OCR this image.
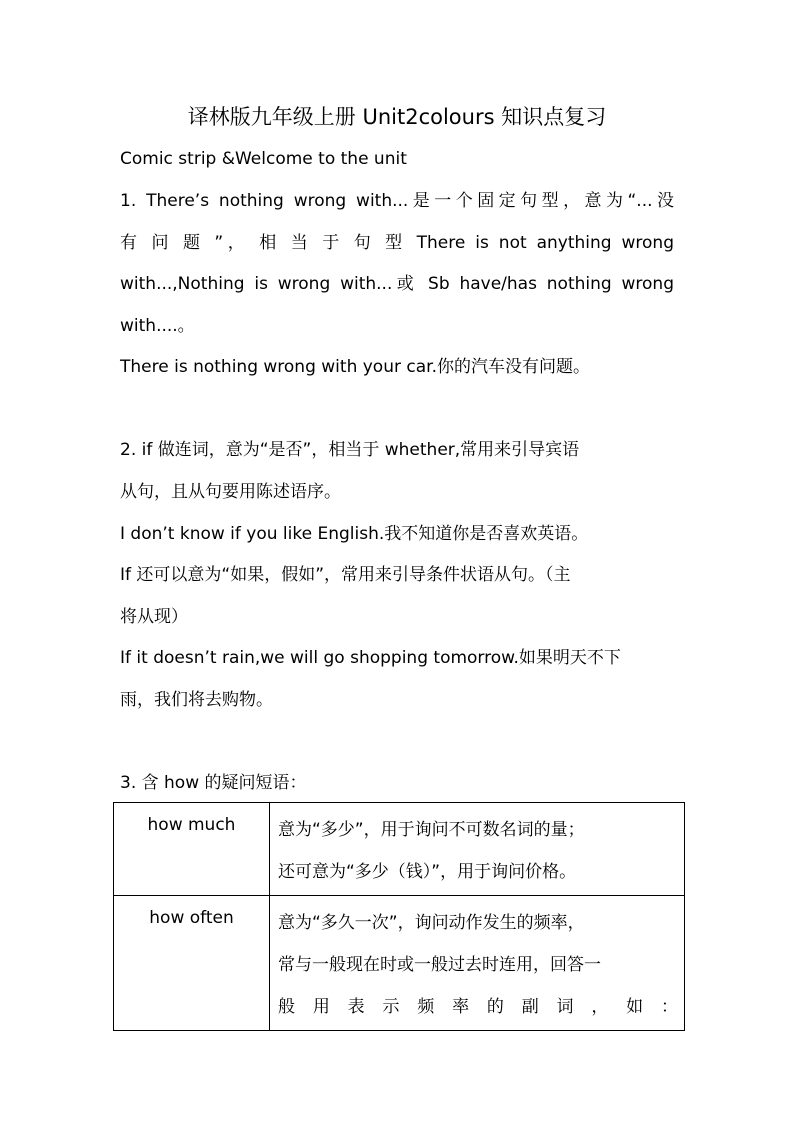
译林版九年级上册 Unit2colours 知识点复习
Comic strip &Welcome to the unit
1. There’s nothing wrong with...是一个固定句型，意为“...没
有 问 题 ”， 相 当 于 句 型 There is not anything wrong
with...,Nothing is wrong with...或 Sb have/has nothing wrong
with....。
There is nothing wrong with your car.你的汽车没有问题。
2. if 做连词，意为“是否”，相当于 whether,常用来引导宾语
从句，且从句要用陈述语序。
I don’t know if you like English.我不知道你是否喜欢英语。
If 还可以意为“如果，假如”，常用来引导条件状语从句。（主
将从现）
If it doesn’t rain,we will go shopping tomorrow.如果明天不下
雨，我们将去购物。
3. 含 how 的疑问短语：
how much	意为“多少”，用于询问不可数名词的量；
还可意为“多少（钱）”，用于询问价格。

how often	意为“多久一次”，询问动作发生的频率，
常与一般现在时或一般过去时连用，回答一
般 用 表 示 频 率 的 副 词 ， 如 ：
